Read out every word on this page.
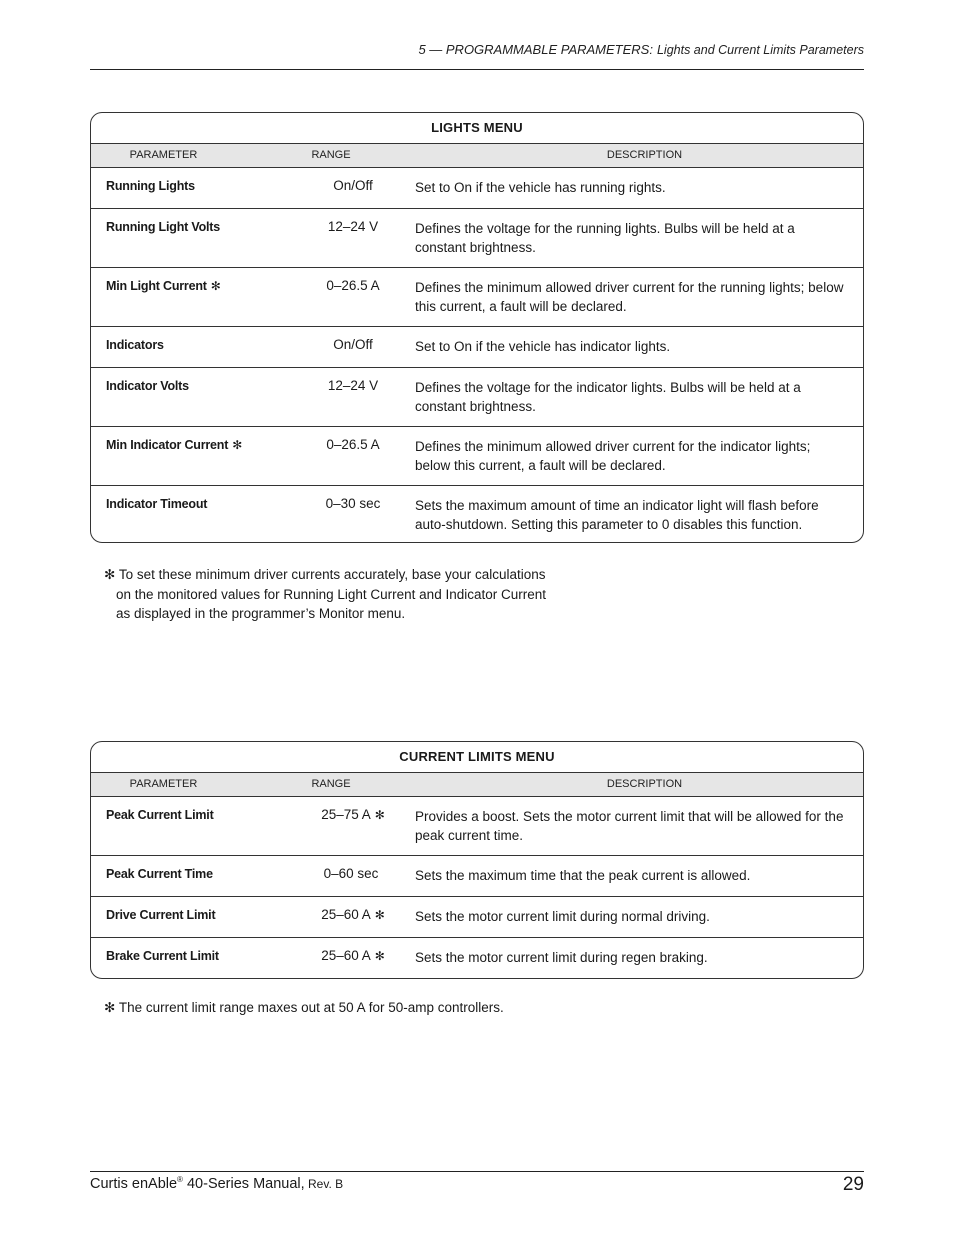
5 — PROGRAMMABLE PARAMETERS: Lights and Current Limits Parameters
LIGHTS MENU
PARAMETER	RANGE	DESCRIPTION
Running Lights	On/Off	Set to On if the vehicle has running rights.
Running Light Volts	12–24 V	Defines the voltage for the running lights. Bulbs will be held at a constant brightness.
Min Light Current ✻	0–26.5 A	Defines the minimum allowed driver current for the running lights; below this current, a fault will be declared.
Indicators	On/Off	Set to On if the vehicle has indicator lights.
Indicator Volts	12–24 V	Defines the voltage for the indicator lights. Bulbs will be held at a constant brightness.
Min Indicator Current ✻	0–26.5 A	Defines the minimum allowed driver current for the indicator lights; below this current, a fault will be declared.
Indicator Timeout	0–30 sec	Sets the maximum amount of time an indicator light will flash before auto-shutdown. Setting this parameter to 0 disables this function.
✻ To set these minimum driver currents accurately, base your calculations
on the monitored values for Running Light Current and Indicator Current
as displayed in the programmer’s Monitor menu.
CURRENT LIMITS MENU
PARAMETER	RANGE	DESCRIPTION
Peak Current Limit	25–75 A ✻	Provides a boost. Sets the motor current limit that will be allowed for the peak current time.
Peak Current Time	0–60 sec	Sets the maximum time that the peak current is allowed.
Drive Current Limit	25–60 A ✻	Sets the motor current limit during normal driving.
Brake Current Limit	25–60 A ✻	Sets the motor current limit during regen braking.
✻ The current limit range maxes out at 50 A for 50-amp controllers.
Curtis enAble® 40-Series Manual, Rev. B	29
